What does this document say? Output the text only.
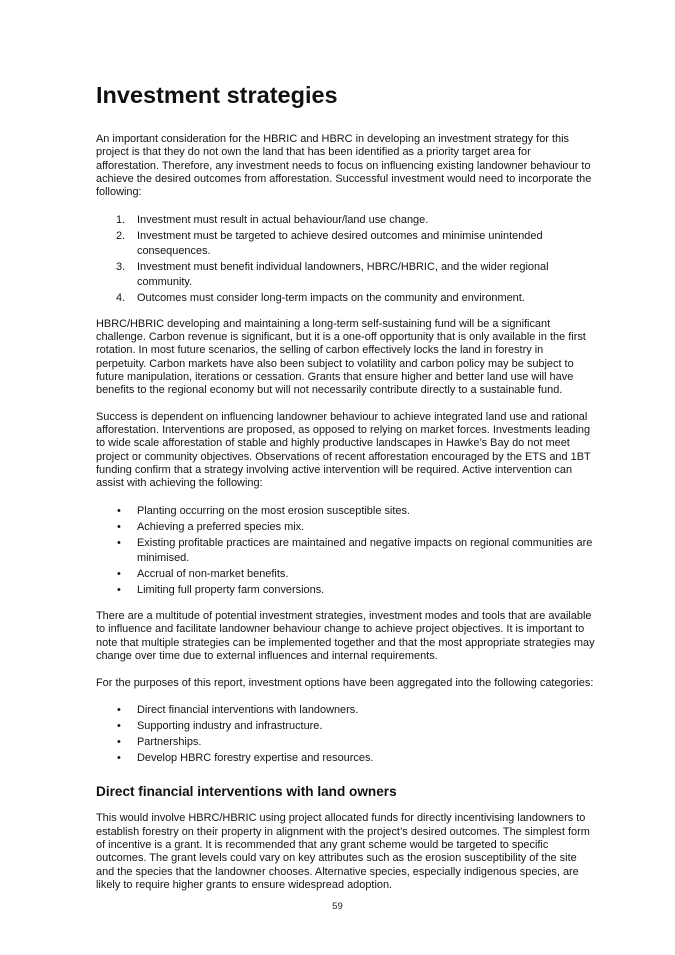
Investment strategies

An important consideration for the HBRIC and HBRC in developing an investment strategy for this project is that they do not own the land that has been identified as a priority target area for afforestation. Therefore, any investment needs to focus on influencing existing landowner behaviour to achieve the desired outcomes from afforestation. Successful investment would need to incorporate the following:

1. Investment must result in actual behaviour/land use change.
2. Investment must be targeted to achieve desired outcomes and minimise unintended consequences.
3. Investment must benefit individual landowners, HBRC/HBRIC, and the wider regional community.
4. Outcomes must consider long-term impacts on the community and environment.

HBRC/HBRIC developing and maintaining a long-term self-sustaining fund will be a significant challenge. Carbon revenue is significant, but it is a one-off opportunity that is only available in the first rotation. In most future scenarios, the selling of carbon effectively locks the land in forestry in perpetuity. Carbon markets have also been subject to volatility and carbon policy may be subject to future manipulation, iterations or cessation. Grants that ensure higher and better land use will have benefits to the regional economy but will not necessarily contribute directly to a sustainable fund.

Success is dependent on influencing landowner behaviour to achieve integrated land use and rational afforestation. Interventions are proposed, as opposed to relying on market forces. Investments leading to wide scale afforestation of stable and highly productive landscapes in Hawke’s Bay do not meet project or community objectives. Observations of recent afforestation encouraged by the ETS and 1BT funding confirm that a strategy involving active intervention will be required. Active intervention can assist with achieving the following:

• Planting occurring on the most erosion susceptible sites.
• Achieving a preferred species mix.
• Existing profitable practices are maintained and negative impacts on regional communities are minimised.
• Accrual of non-market benefits.
• Limiting full property farm conversions.

There are a multitude of potential investment strategies, investment modes and tools that are available to influence and facilitate landowner behaviour change to achieve project objectives. It is important to note that multiple strategies can be implemented together and that the most appropriate strategies may change over time due to external influences and internal requirements.

For the purposes of this report, investment options have been aggregated into the following categories:

• Direct financial interventions with landowners.
• Supporting industry and infrastructure.
• Partnerships.
• Develop HBRC forestry expertise and resources.
Direct financial interventions with land owners

This would involve HBRC/HBRIC using project allocated funds for directly incentivising landowners to establish forestry on their property in alignment with the project’s desired outcomes. The simplest form of incentive is a grant. It is recommended that any grant scheme would be targeted to specific outcomes. The grant levels could vary on key attributes such as the erosion susceptibility of the site and the species that the landowner chooses. Alternative species, especially indigenous species, are likely to require higher grants to ensure widespread adoption.

59
